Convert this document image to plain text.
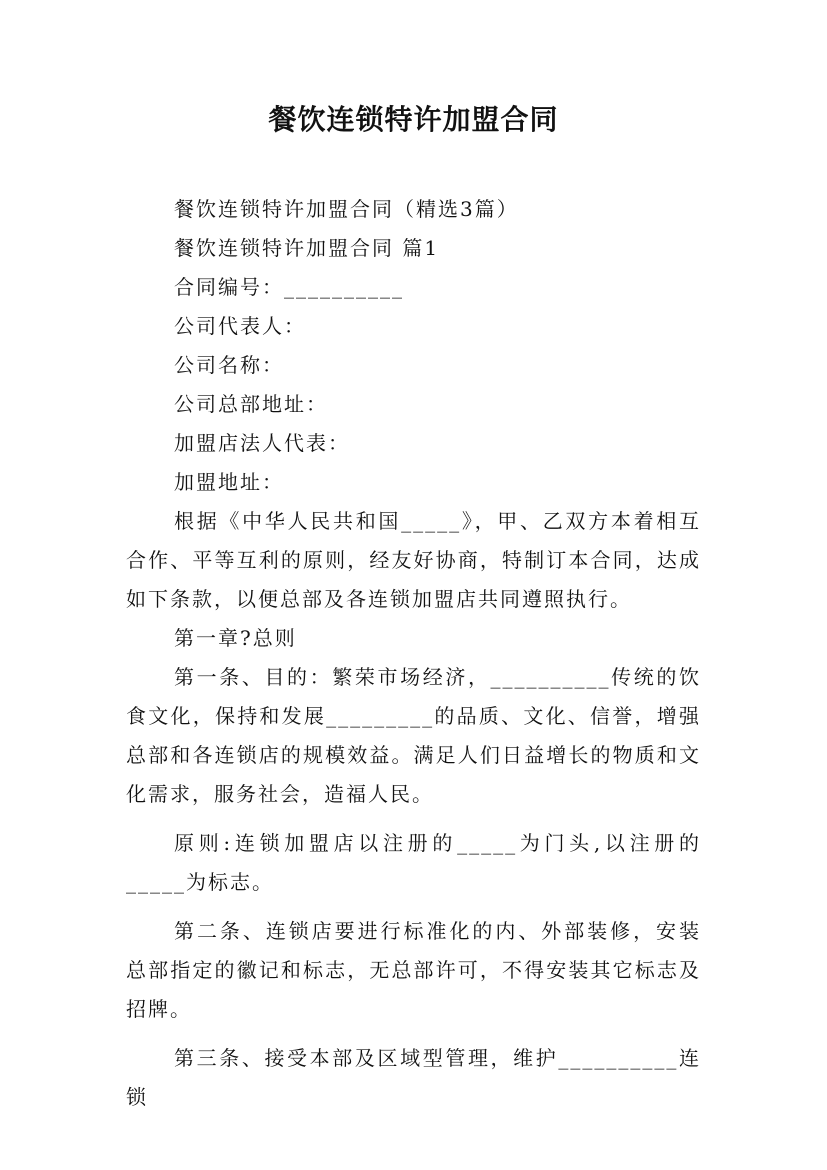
餐饮连锁特许加盟合同

餐饮连锁特许加盟合同（精选3篇）

餐饮连锁特许加盟合同 篇1

合同编号：__________

公司代表人：

公司名称：

公司总部地址：

加盟店法人代表：

加盟地址：

根据《中华人民共和国_____》，甲、乙双方本着相互合作、平等互利的原则，经友好协商，特制订本合同，达成如下条款，以便总部及各连锁加盟店共同遵照执行。

第一章?总则

第一条、目的：繁荣市场经济，__________传统的饮食文化，保持和发展_________的品质、文化、信誉，增强总部和各连锁店的规模效益。满足人们日益增长的物质和文化需求，服务社会，造福人民。

原则:连锁加盟店以注册的_____为门头,以注册的_____为标志。

第二条、连锁店要进行标准化的内、外部装修，安装总部指定的徽记和标志，无总部许可，不得安装其它标志及招牌。

第三条、接受本部及区域型管理，维护__________连锁
